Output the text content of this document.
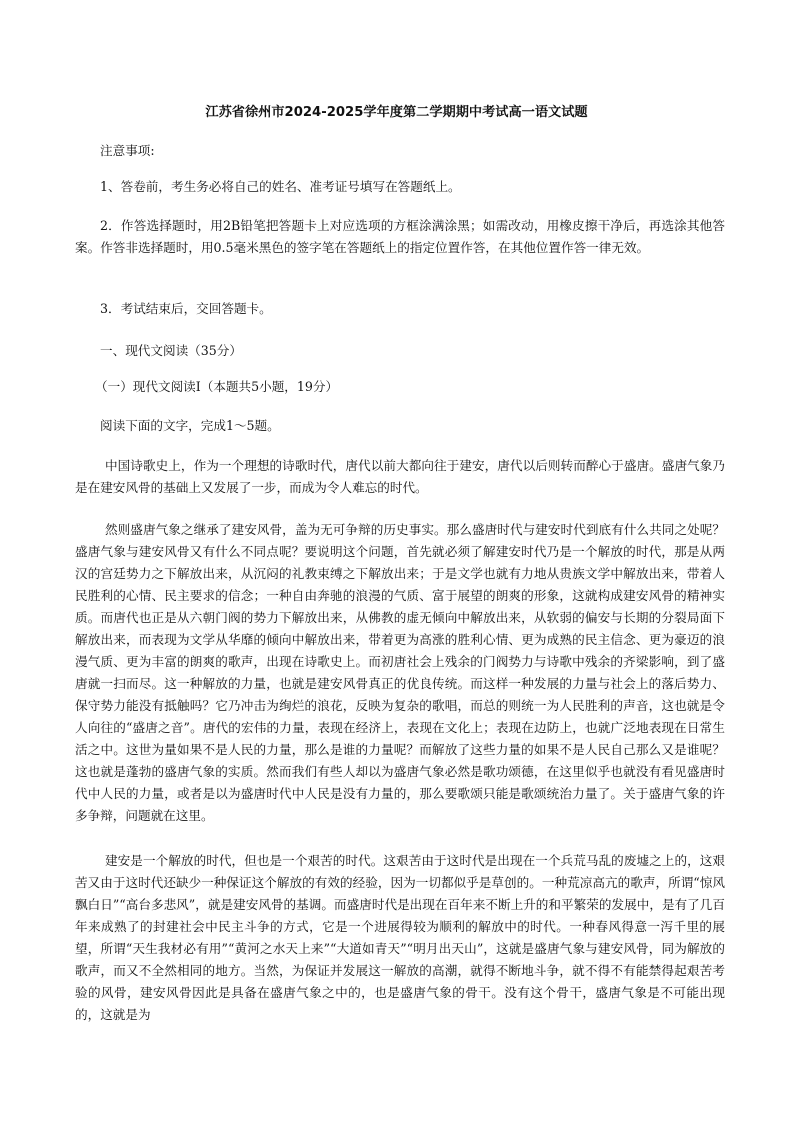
江苏省徐州市2024-2025学年度第二学期期中考试高一语文试题

注意事项:

1、答卷前，考生务必将自己的姓名、准考证号填写在答题纸上。

2．作答选择题时，用2B铅笔把答题卡上对应选项的方框涂满涂黑；如需改动，用橡皮擦干净后，再选涂其他答案。作答非选择题时，用0.5毫米黑色的签字笔在答题纸上的指定位置作答，在其他位置作答一律无效。

3．考试结束后，交回答题卡。

一、现代文阅读（35分）

（一）现代文阅读Ⅰ（本题共5小题，19分）

阅读下面的文字，完成1～5题。

中国诗歌史上，作为一个理想的诗歌时代，唐代以前大都向往于建安，唐代以后则转而醉心于盛唐。盛唐气象乃是在建安风骨的基础上又发展了一步，而成为令人难忘的时代。

然则盛唐气象之继承了建安风骨，盖为无可争辩的历史事实。那么盛唐时代与建安时代到底有什么共同之处呢？盛唐气象与建安风骨又有什么不同点呢？要说明这个问题，首先就必须了解建安时代乃是一个解放的时代，那是从两汉的宫廷势力之下解放出来，从沉闷的礼教束缚之下解放出来；于是文学也就有力地从贵族文学中解放出来，带着人民胜利的心情、民主要求的信念；一种自由奔驰的浪漫的气质、富于展望的朗爽的形象，这就构成建安风骨的精神实质。而唐代也正是从六朝门阀的势力下解放出来，从佛教的虚无倾向中解放出来，从软弱的偏安与长期的分裂局面下解放出来，而表现为文学从华靡的倾向中解放出来，带着更为高涨的胜利心情、更为成熟的民主信念、更为豪迈的浪漫气质、更为丰富的朗爽的歌声，出现在诗歌史上。而初唐社会上残余的门阀势力与诗歌中残余的齐梁影响，到了盛唐就一扫而尽。这一种解放的力量，也就是建安风骨真正的优良传统。而这样一种发展的力量与社会上的落后势力、保守势力能没有抵触吗？它乃冲击为绚烂的浪花，反映为复杂的歌唱，而总的则统一为人民胜利的声音，这也就是令人向往的“盛唐之音”。唐代的宏伟的力量，表现在经济上，表现在文化上；表现在边防上，也就广泛地表现在日常生活之中。这世为量如果不是人民的力量，那么是谁的力量呢？而解放了这些力量的如果不是人民自己那么又是谁呢？这也就是蓬勃的盛唐气象的实质。然而我们有些人却以为盛唐气象必然是歌功颂德，在这里似乎也就没有看见盛唐时代中人民的力量，或者是以为盛唐时代中人民是没有力量的，那么要歌颂只能是歌颂统治力量了。关于盛唐气象的许多争辩，问题就在这里。

建安是一个解放的时代，但也是一个艰苦的时代。这艰苦由于这时代是出现在一个兵荒马乱的废墟之上的，这艰苦又由于这时代还缺少一种保证这个解放的有效的经验，因为一切都似乎是草创的。一种荒凉高亢的歌声，所谓“惊风飘白日”“高台多悲风”，就是建安风骨的基调。而盛唐时代是出现在百年来不断上升的和平繁荣的发展中，是有了几百年来成熟了的封建社会中民主斗争的方式，它是一个进展得较为顺利的解放中的时代。一种春风得意一泻千里的展望，所谓“天生我材必有用”“黄河之水天上来”“大道如青天”“明月出天山”，这就是盛唐气象与建安风骨，同为解放的歌声，而又不全然相同的地方。当然，为保证并发展这一解放的高潮，就得不断地斗争，就不得不有能禁得起艰苦考验的风骨，建安风骨因此是具备在盛唐气象之中的，也是盛唐气象的骨干。没有这个骨干，盛唐气象是不可能出现的，这就是为
